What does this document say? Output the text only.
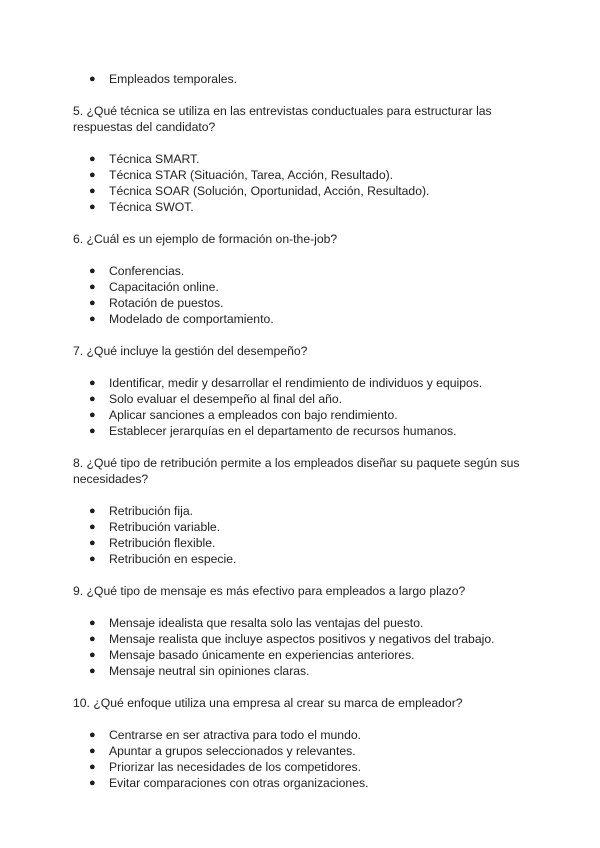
● Empleados temporales.

5. ¿Qué técnica se utiliza en las entrevistas conductuales para estructurar las respuestas del candidato?

● Técnica SMART.
● Técnica STAR (Situación, Tarea, Acción, Resultado).
● Técnica SOAR (Solución, Oportunidad, Acción, Resultado).
● Técnica SWOT.

6. ¿Cuál es un ejemplo de formación on-the-job?

● Conferencias.
● Capacitación online.
● Rotación de puestos.
● Modelado de comportamiento.

7. ¿Qué incluye la gestión del desempeño?

● Identificar, medir y desarrollar el rendimiento de individuos y equipos.
● Solo evaluar el desempeño al final del año.
● Aplicar sanciones a empleados con bajo rendimiento.
● Establecer jerarquías en el departamento de recursos humanos.

8. ¿Qué tipo de retribución permite a los empleados diseñar su paquete según sus necesidades?

● Retribución fija.
● Retribución variable.
● Retribución flexible.
● Retribución en especie.

9. ¿Qué tipo de mensaje es más efectivo para empleados a largo plazo?

● Mensaje idealista que resalta solo las ventajas del puesto.
● Mensaje realista que incluye aspectos positivos y negativos del trabajo.
● Mensaje basado únicamente en experiencias anteriores.
● Mensaje neutral sin opiniones claras.

10. ¿Qué enfoque utiliza una empresa al crear su marca de empleador?

● Centrarse en ser atractiva para todo el mundo.
● Apuntar a grupos seleccionados y relevantes.
● Priorizar las necesidades de los competidores.
● Evitar comparaciones con otras organizaciones.
